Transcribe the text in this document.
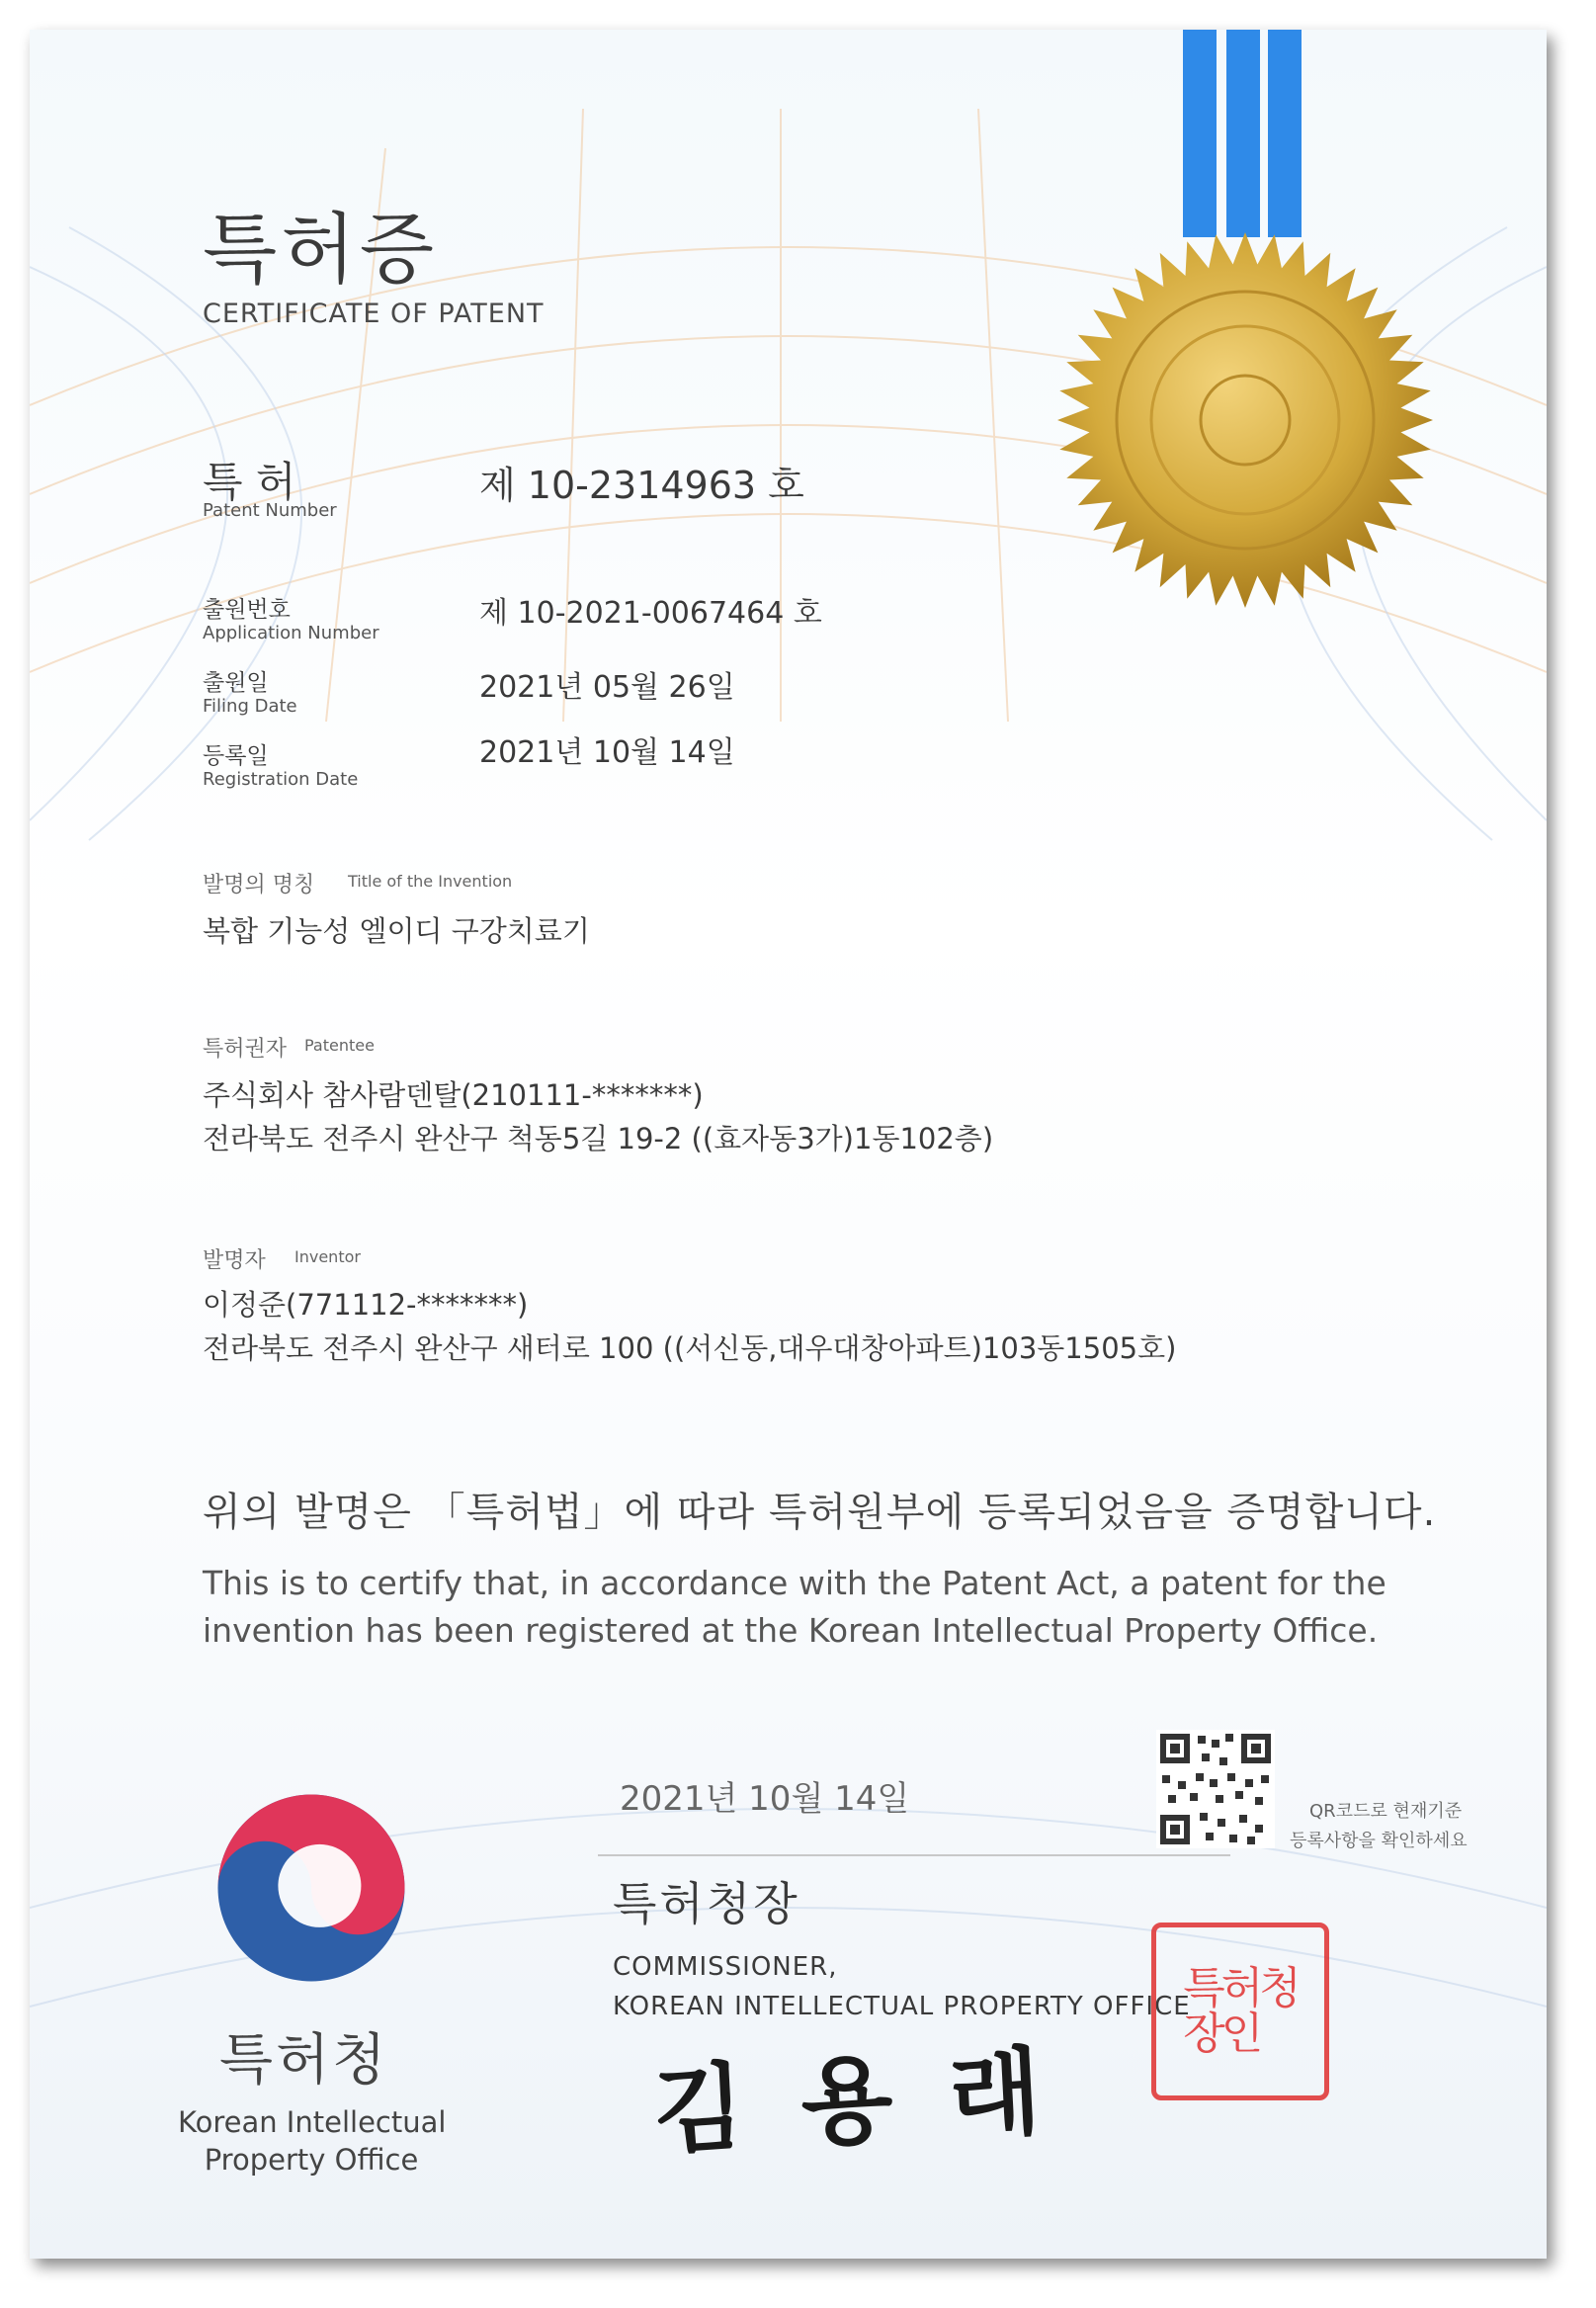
특허증
CERTIFICATE OF PATENT
특 허
Patent Number
제 10-2314963 호
출원번호
Application Number
제 10-2021-0067464 호
출원일
Filing Date
2021년 05월 26일
등록일
Registration Date
2021년 10월 14일
발명의 명칭 Title of the Invention
복합 기능성 엘이디 구강치료기
특허권자 Patentee
주식회사 참사람덴탈(210111-*******)
전라북도 전주시 완산구 척동5길 19-2 ((효자동3가)1동102층)
발명자 Inventor
이정준(771112-*******)
전라북도 전주시 완산구 새터로 100 ((서신동,대우대창아파트)103동1505호)
위의 발명은 「특허법」에 따라 특허원부에 등록되었음을 증명합니다.
This is to certify that, in accordance with the Patent Act, a patent for the
invention has been registered at the Korean Intellectual Property Office.
2021년 10월 14일	QR코드로 현재기준
등록사항을 확인하세요
특허청장
COMMISSIONER,
KOREAN INTELLECTUAL PROPERTY OFFICE
김 용 래
특 허 청
장 인
특허청
Korean Intellectual
Property Office
